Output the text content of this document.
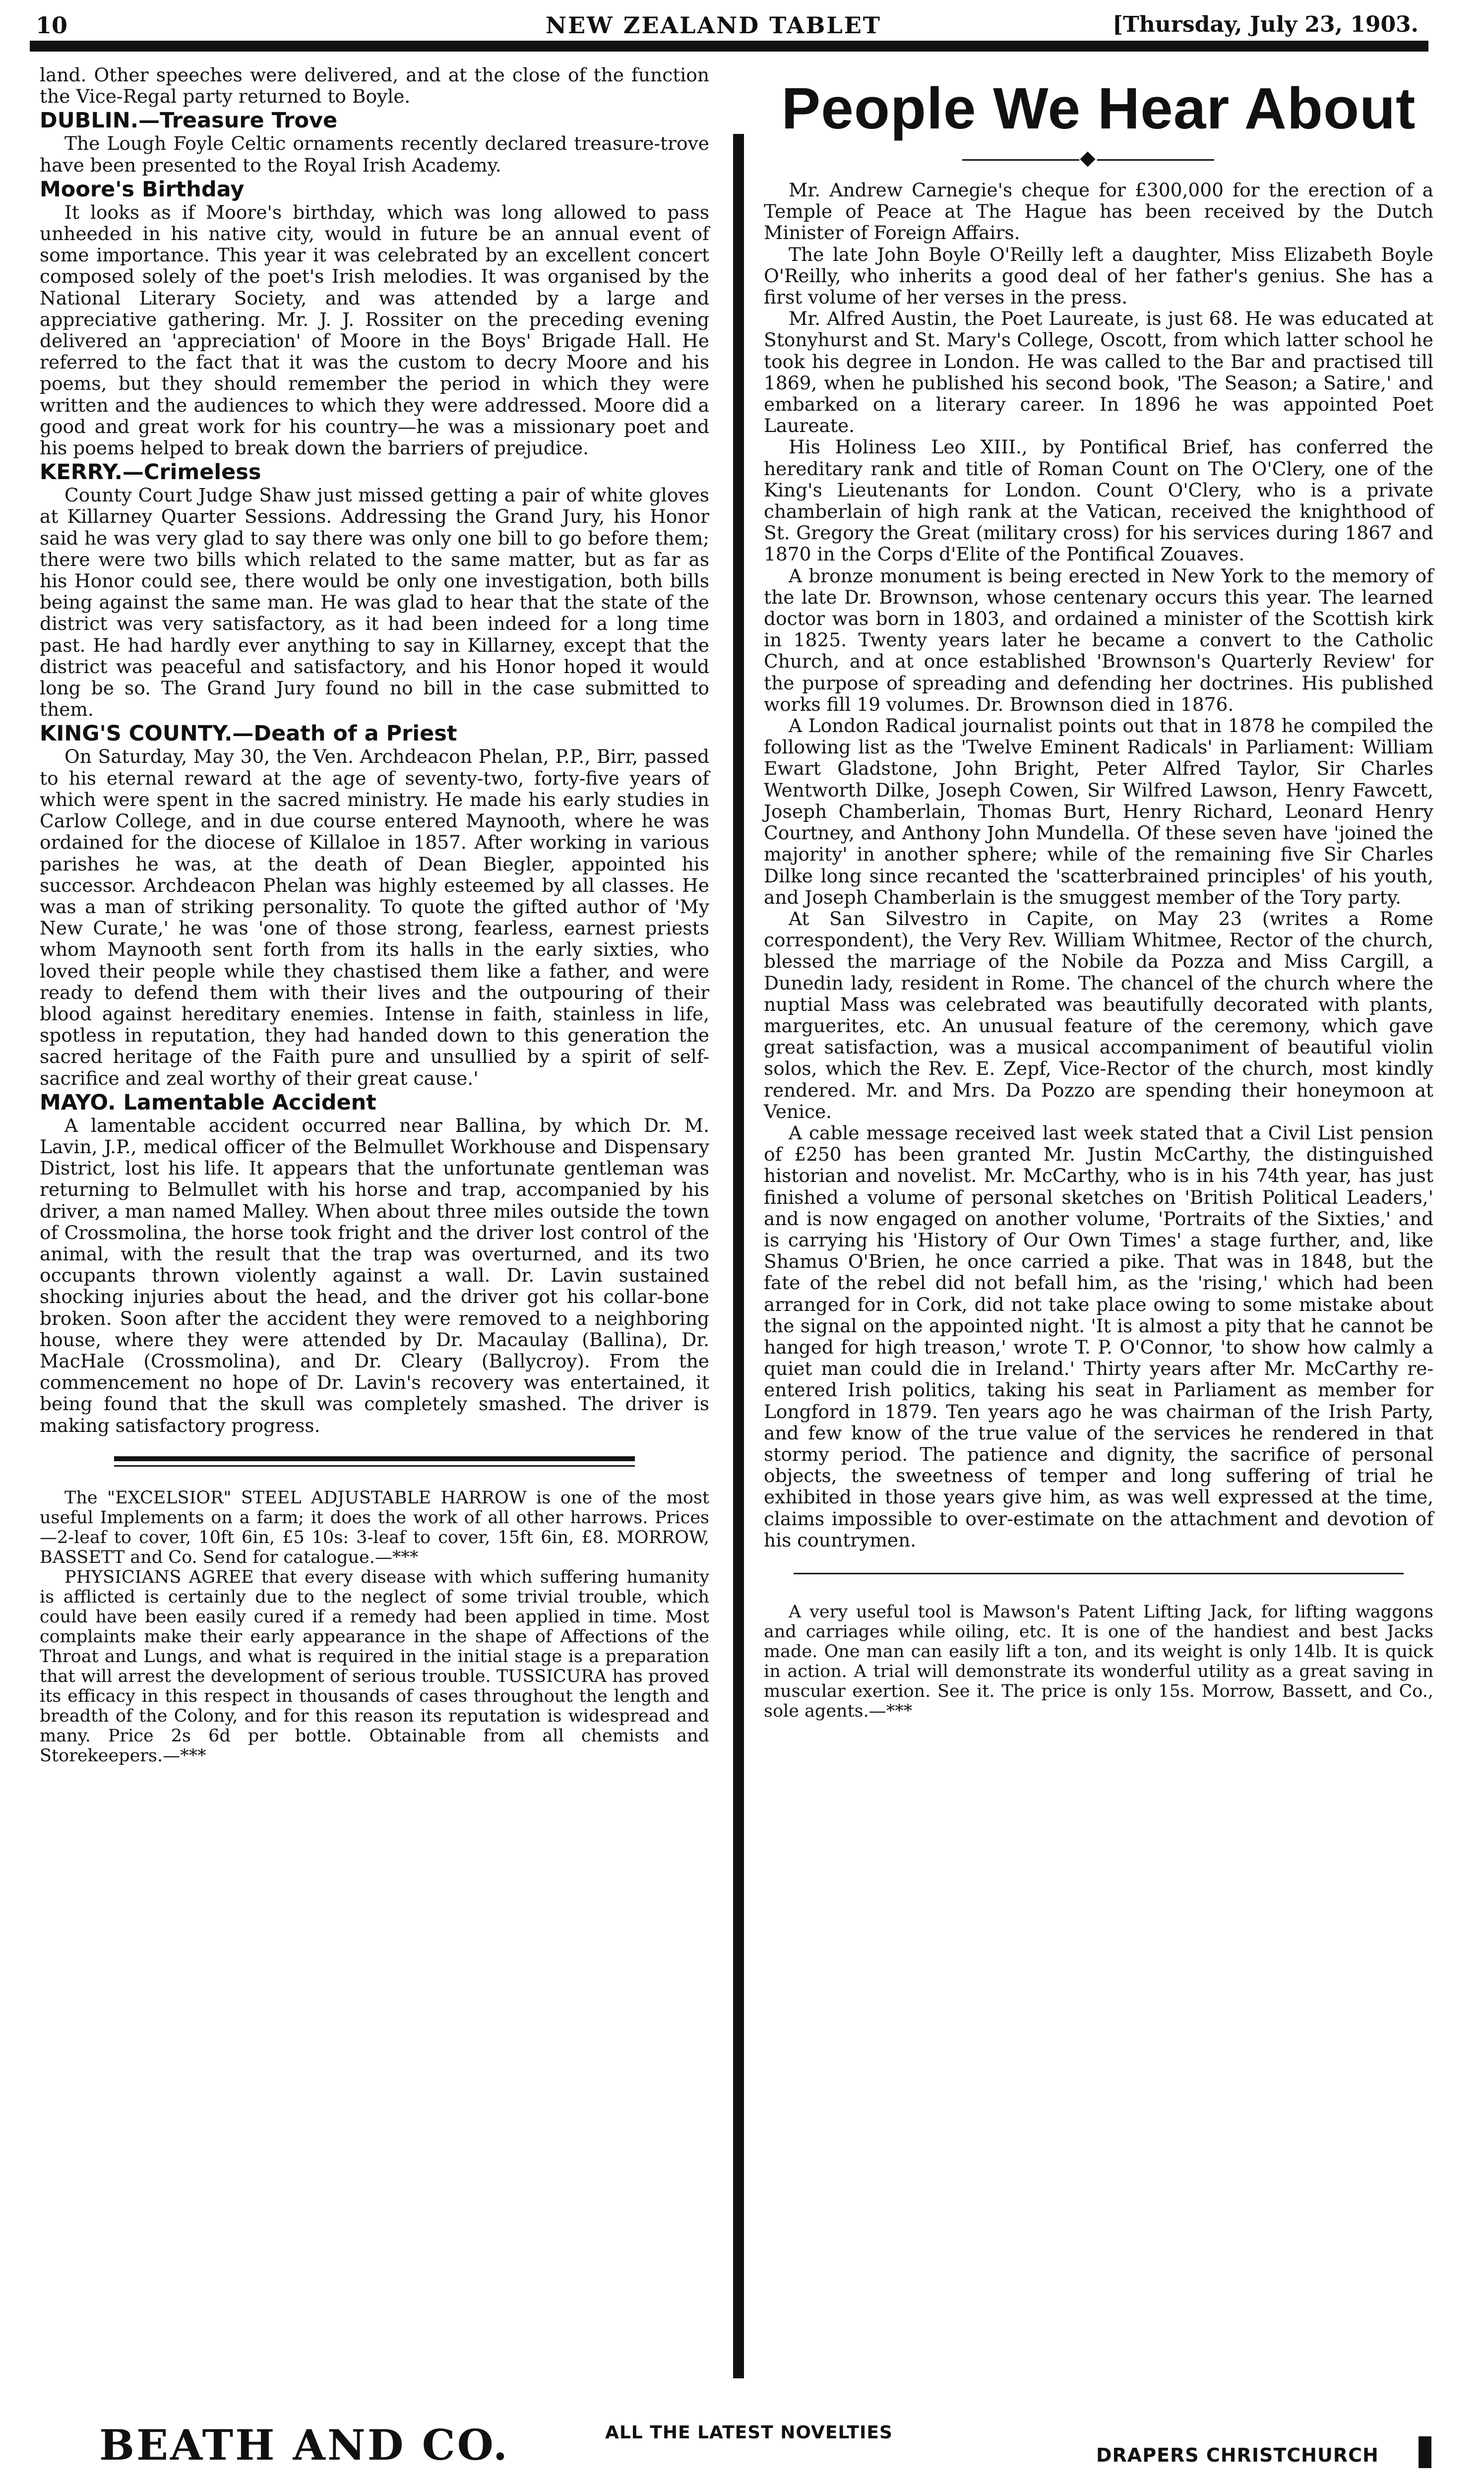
10	NEW ZEALAND TABLET	[Thursday, July 23, 1903.

land. Other speeches were delivered, and at the close of the function the Vice-Regal party returned to Boyle.

DUBLIN.—Treasure Trove

The Lough Foyle Celtic ornaments recently declared treasure-trove have been presented to the Royal Irish Academy.

Moore's Birthday

It looks as if Moore's birthday, which was long allowed to pass unheeded in his native city, would in future be an annual event of some importance. This year it was celebrated by an excellent concert composed solely of the poet's Irish melodies. It was organised by the National Literary Society, and was attended by a large and appreciative gathering. Mr. J. J. Rossiter on the preceding evening delivered an 'appreciation' of Moore in the Boys' Brigade Hall. He referred to the fact that it was the custom to decry Moore and his poems, but they should remember the period in which they were written and the audiences to which they were addressed. Moore did a good and great work for his country—he was a missionary poet and his poems helped to break down the barriers of prejudice.

KERRY.—Crimeless

County Court Judge Shaw just missed getting a pair of white gloves at Killarney Quarter Sessions. Addressing the Grand Jury, his Honor said he was very glad to say there was only one bill to go before them; there were two bills which related to the same matter, but as far as his Honor could see, there would be only one investigation, both bills being against the same man. He was glad to hear that the state of the district was very satisfactory, as it had been indeed for a long time past. He had hardly ever anything to say in Killarney, except that the district was peaceful and satisfactory, and his Honor hoped it would long be so. The Grand Jury found no bill in the case submitted to them.

KING'S COUNTY.—Death of a Priest

On Saturday, May 30, the Ven. Archdeacon Phelan, P.P., Birr, passed to his eternal reward at the age of seventy-two, forty-five years of which were spent in the sacred ministry. He made his early studies in Carlow College, and in due course entered Maynooth, where he was ordained for the diocese of Killaloe in 1857. After working in various parishes he was, at the death of Dean Biegler, appointed his successor. Archdeacon Phelan was highly esteemed by all classes. He was a man of striking personality. To quote the gifted author of 'My New Curate,' he was 'one of those strong, fearless, earnest priests whom Maynooth sent forth from its halls in the early sixties, who loved their people while they chastised them like a father, and were ready to defend them with their lives and the outpouring of their blood against hereditary enemies. Intense in faith, stainless in life, spotless in reputation, they had handed down to this generation the sacred heritage of the Faith pure and unsullied by a spirit of self-sacrifice and zeal worthy of their great cause.'

MAYO. Lamentable Accident

A lamentable accident occurred near Ballina, by which Dr. M. Lavin, J.P., medical officer of the Belmullet Workhouse and Dispensary District, lost his life. It appears that the unfortunate gentleman was returning to Belmullet with his horse and trap, accompanied by his driver, a man named Malley. When about three miles outside the town of Crossmolina, the horse took fright and the driver lost control of the animal, with the result that the trap was overturned, and its two occupants thrown violently against a wall. Dr. Lavin sustained shocking injuries about the head, and the driver got his collar-bone broken. Soon after the accident they were removed to a neighboring house, where they were attended by Dr. Macaulay (Ballina), Dr. MacHale (Crossmolina), and Dr. Cleary (Ballycroy). From the commencement no hope of Dr. Lavin's recovery was entertained, it being found that the skull was completely smashed. The driver is making satisfactory progress.

The "EXCELSIOR" STEEL ADJUSTABLE HARROW is one of the most useful Implements on a farm; it does the work of all other harrows. Prices—2-leaf to cover, 10ft 6in, £5 10s: 3-leaf to cover, 15ft 6in, £8. MORROW, BASSETT and Co. Send for catalogue.—***

PHYSICIANS AGREE that every disease with which suffering humanity is afflicted is certainly due to the neglect of some trivial trouble, which could have been easily cured if a remedy had been applied in time. Most complaints make their early appearance in the shape of Affections of the Throat and Lungs, and what is required in the initial stage is a preparation that will arrest the development of serious trouble. TUSSICURA has proved its efficacy in this respect in thousands of cases throughout the length and breadth of the Colony, and for this reason its reputation is widespread and many. Price 2s 6d per bottle. Obtainable from all chemists and Storekeepers.—***

People We Hear About

Mr. Andrew Carnegie's cheque for £300,000 for the erection of a Temple of Peace at The Hague has been received by the Dutch Minister of Foreign Affairs.

The late John Boyle O'Reilly left a daughter, Miss Elizabeth Boyle O'Reilly, who inherits a good deal of her father's genius. She has a first volume of her verses in the press.

Mr. Alfred Austin, the Poet Laureate, is just 68. He was educated at Stonyhurst and St. Mary's College, Oscott, from which latter school he took his degree in London. He was called to the Bar and practised till 1869, when he published his second book, 'The Season; a Satire,' and embarked on a literary career. In 1896 he was appointed Poet Laureate.

His Holiness Leo XIII., by Pontifical Brief, has conferred the hereditary rank and title of Roman Count on The O'Clery, one of the King's Lieutenants for London. Count O'Clery, who is a private chamberlain of high rank at the Vatican, received the knighthood of St. Gregory the Great (military cross) for his services during 1867 and 1870 in the Corps d'Elite of the Pontifical Zouaves.

A bronze monument is being erected in New York to the memory of the late Dr. Brownson, whose centenary occurs this year. The learned doctor was born in 1803, and ordained a minister of the Scottish kirk in 1825. Twenty years later he became a convert to the Catholic Church, and at once established 'Brownson's Quarterly Review' for the purpose of spreading and defending her doctrines. His published works fill 19 volumes. Dr. Brownson died in 1876.

A London Radical journalist points out that in 1878 he compiled the following list as the 'Twelve Eminent Radicals' in Parliament: William Ewart Gladstone, John Bright, Peter Alfred Taylor, Sir Charles Wentworth Dilke, Joseph Cowen, Sir Wilfred Lawson, Henry Fawcett, Joseph Chamberlain, Thomas Burt, Henry Richard, Leonard Henry Courtney, and Anthony John Mundella. Of these seven have 'joined the majority' in another sphere; while of the remaining five Sir Charles Dilke long since recanted the 'scatterbrained principles' of his youth, and Joseph Chamberlain is the smuggest member of the Tory party.

At San Silvestro in Capite, on May 23 (writes a Rome correspondent), the Very Rev. William Whitmee, Rector of the church, blessed the marriage of the Nobile da Pozza and Miss Cargill, a Dunedin lady, resident in Rome. The chancel of the church where the nuptial Mass was celebrated was beautifully decorated with plants, marguerites, etc. An unusual feature of the ceremony, which gave great satisfaction, was a musical accompaniment of beautiful violin solos, which the Rev. E. Zepf, Vice-Rector of the church, most kindly rendered. Mr. and Mrs. Da Pozzo are spending their honeymoon at Venice.

A cable message received last week stated that a Civil List pension of £250 has been granted Mr. Justin McCarthy, the distinguished historian and novelist. Mr. McCarthy, who is in his 74th year, has just finished a volume of personal sketches on 'British Political Leaders,' and is now engaged on another volume, 'Portraits of the Sixties,' and is carrying his 'History of Our Own Times' a stage further, and, like Shamus O'Brien, he once carried a pike. That was in 1848, but the fate of the rebel did not befall him, as the 'rising,' which had been arranged for in Cork, did not take place owing to some mistake about the signal on the appointed night. 'It is almost a pity that he cannot be hanged for high treason,' wrote T. P. O'Connor, 'to show how calmly a quiet man could die in Ireland.' Thirty years after Mr. McCarthy re-entered Irish politics, taking his seat in Parliament as member for Longford in 1879. Ten years ago he was chairman of the Irish Party, and few know of the true value of the services he rendered in that stormy period. The patience and dignity, the sacrifice of personal objects, the sweetness of temper and long suffering of trial he exhibited in those years give him, as was well expressed at the time, claims impossible to over-estimate on the attachment and devotion of his countrymen.

A very useful tool is Mawson's Patent Lifting Jack, for lifting waggons and carriages while oiling, etc. It is one of the handiest and best Jacks made. One man can easily lift a ton, and its weight is only 14lb. It is quick in action. A trial will demonstrate its wonderful utility as a great saving in muscular exertion. See it. The price is only 15s. Morrow, Bassett, and Co., sole agents.—***

BEATH AND CO.	ALL THE LATEST NOVELTIES
DRAPERS CHRISTCHURCH
